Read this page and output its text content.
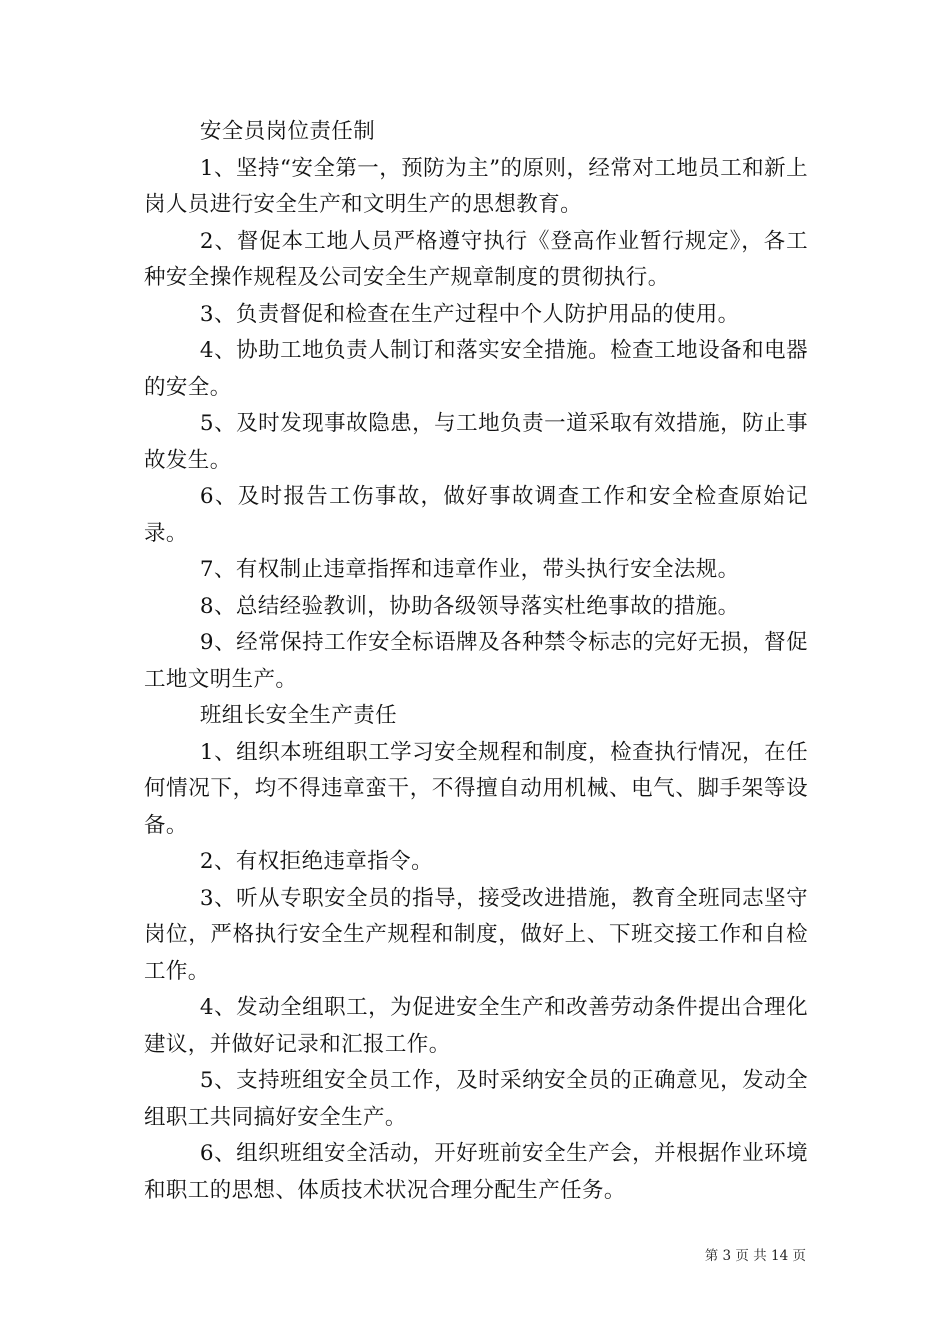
安全员岗位责任制

1、坚持“安全第一，预防为主”的原则，经常对工地员工和新上岗人员进行安全生产和文明生产的思想教育。

2、督促本工地人员严格遵守执行《登高作业暂行规定》，各工种安全操作规程及公司安全生产规章制度的贯彻执行。

3、负责督促和检查在生产过程中个人防护用品的使用。

4、协助工地负责人制订和落实安全措施。检查工地设备和电器的安全。

5、及时发现事故隐患，与工地负责一道采取有效措施，防止事故发生。

6、及时报告工伤事故，做好事故调查工作和安全检查原始记录。

7、有权制止违章指挥和违章作业，带头执行安全法规。

8、总结经验教训，协助各级领导落实杜绝事故的措施。

9、经常保持工作安全标语牌及各种禁令标志的完好无损，督促工地文明生产。

班组长安全生产责任

1、组织本班组职工学习安全规程和制度，检查执行情况，在任何情况下，均不得违章蛮干，不得擅自动用机械、电气、脚手架等设备。

2、有权拒绝违章指令。

3、听从专职安全员的指导，接受改进措施，教育全班同志坚守岗位，严格执行安全生产规程和制度，做好上、下班交接工作和自检工作。

4、发动全组职工，为促进安全生产和改善劳动条件提出合理化建议，并做好记录和汇报工作。

5、支持班组安全员工作，及时采纳安全员的正确意见，发动全组职工共同搞好安全生产。

6、组织班组安全活动，开好班前安全生产会，并根据作业环境和职工的思想、体质技术状况合理分配生产任务。

第 3 页 共 14 页
